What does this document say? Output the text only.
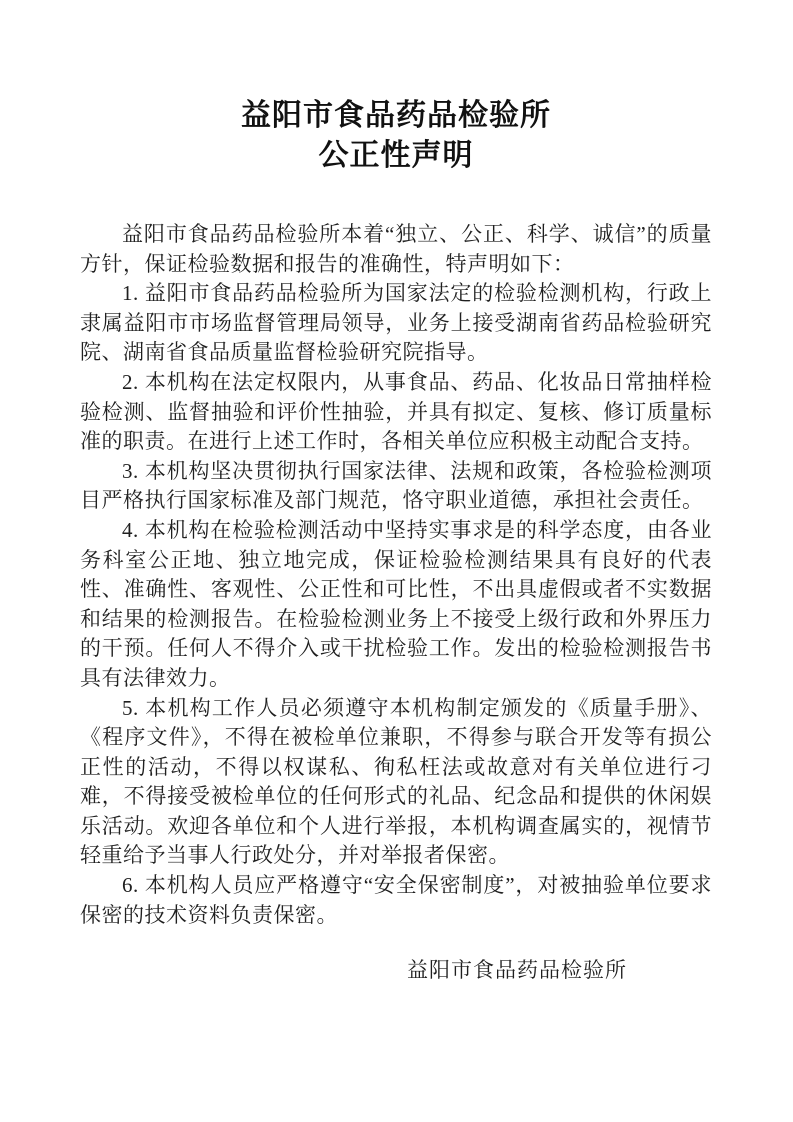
益阳市食品药品检验所
公正性声明

益阳市食品药品检验所本着“独立、公正、科学、诚信”的质量方针，保证检验数据和报告的准确性，特声明如下：

1. 益阳市食品药品检验所为国家法定的检验检测机构，行政上隶属益阳市市场监督管理局领导，业务上接受湖南省药品检验研究院、湖南省食品质量监督检验研究院指导。

2. 本机构在法定权限内，从事食品、药品、化妆品日常抽样检验检测、监督抽验和评价性抽验，并具有拟定、复核、修订质量标准的职责。在进行上述工作时，各相关单位应积极主动配合支持。

3. 本机构坚决贯彻执行国家法律、法规和政策，各检验检测项目严格执行国家标准及部门规范，恪守职业道德，承担社会责任。

4. 本机构在检验检测活动中坚持实事求是的科学态度，由各业务科室公正地、独立地完成，保证检验检测结果具有良好的代表性、准确性、客观性、公正性和可比性，不出具虚假或者不实数据和结果的检测报告。在检验检测业务上不接受上级行政和外界压力的干预。任何人不得介入或干扰检验工作。发出的检验检测报告书具有法律效力。

5. 本机构工作人员必须遵守本机构制定颁发的《质量手册》、《程序文件》，不得在被检单位兼职，不得参与联合开发等有损公正性的活动，不得以权谋私、徇私枉法或故意对有关单位进行刁难，不得接受被检单位的任何形式的礼品、纪念品和提供的休闲娱乐活动。欢迎各单位和个人进行举报，本机构调查属实的，视情节轻重给予当事人行政处分，并对举报者保密。

6. 本机构人员应严格遵守“安全保密制度”，对被抽验单位要求保密的技术资料负责保密。

益阳市食品药品检验所
